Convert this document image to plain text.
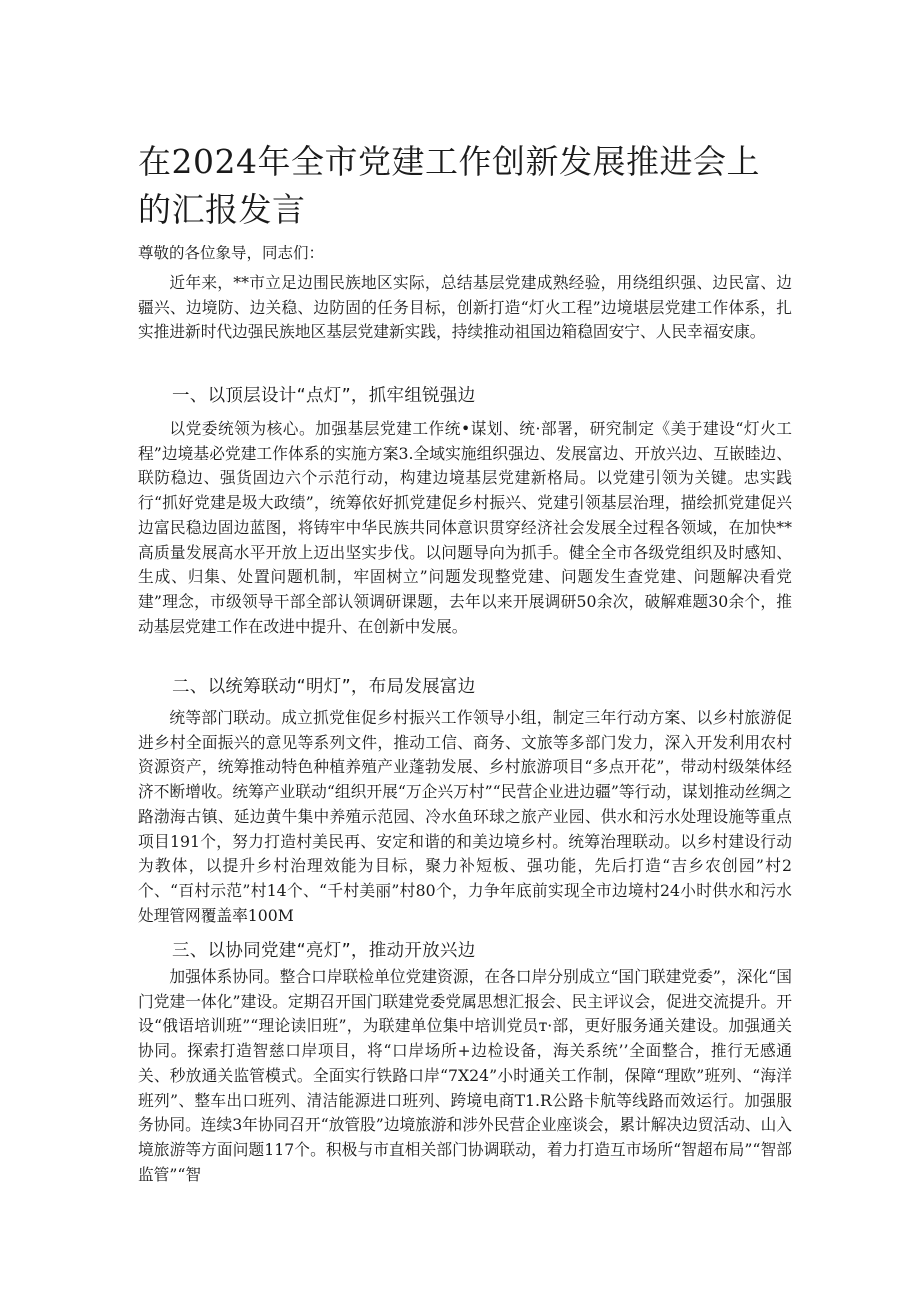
在2024年全市党建工作创新发展推进会上的汇报发言

尊敬的各位象导，同志们：

近年来，**市立足边围民族地区实际，总结基层党建成熟经验，用绕组织强、边民富、边疆兴、边境防、边关稳、边防固的任务目标，创新打造“灯火工程”边境堪层党建工作体系，扎实推进新时代边强民族地区基层党建新实践，持续推动祖国边箱稳固安宁、人民幸福安康。

一、以顶层设计“点灯”，抓牢组锐强边

以党委统领为核心。加强基层党建工作统•谋划、统·部署，研究制定《美于建设“灯火工程”边境基必党建工作体系的实施方案3.全域实施组织强边、发展富边、开放兴边、互嵌睦边、联防稳边、强货固边六个示范行动，构建边境基层党建新格局。以党建引领为关键。忠实践行“抓好党建是圾大政绩”，统筹依好抓党建促乡村振兴、党建引领基层治理，描绘抓党建促兴边富民稳边固边蓝图，将铸牢中华民族共同体意识贯穿经济社会发展全过程各领域，在加快**高质量发展高水平开放上迈出坚实步伐。以问题导向为抓手。健全全市各级党组织及时感知、生成、归集、处置问题机制，牢固树立”问题发现整党建、问题发生查党建、问题解决看党建”理念，市级领导干部全部认领调研课题，去年以来开展调研50余次，破解难题30余个，推动基层党建工作在改进中提升、在创新中发展。

二、以统筹联动“明灯”，布局发展富边

统等部门联动。成立抓党隹促乡村振兴工作领导小组，制定三年行动方案、以乡村旅游促进乡村全面振兴的意见等系列文件，推动工信、商务、文旅等多部门发力，深入开发利用农村资源资产，统筹推动特色种植养殖产业蓬勃发展、乡村旅游项目“多点开花”，带动村级桀体经济不断增收。统筹产业联动“组织开展“万企兴万村”“民营企业进边疆”等行动，谋划推动丝绸之路渤海古镇、延边黄牛集中养殖示范园、冷水鱼环球之旅产业园、供水和污水处理设施等重点项目191个，努力打造村美民再、安定和谐的和美边境乡村。统筹治理联动。以乡村建设行动为教体，以提升乡村治理效能为目标，聚力补短板、强功能，先后打造“吉乡农创园”村2个、“百村示范”村14个、“千村美丽”村80个，力争年底前实现全市边境村24小时供水和污水处理管网覆盖率100M

三、以协同党建“亮灯”，推动开放兴边

加强体系协同。整合口岸联检单位党建资源，在各口岸分别成立“国门联建党委”，深化“国门党建一体化”建设。定期召开国门联建党委党属思想汇报会、民主评议会，促进交流提升。开设“俄语培训班”“理论读旧班”，为联建单位集中培训党员т·部，更好服务通关建设。加强通关协同。探索打造智慈口岸项目，将“口岸场所+边检设备，海关系统’’全面整合，推行无感通关、秒放通关监管模式。全面实行铁路口岸“7X24”小时通关工作制，保障“理欧”班列、“海洋班列”、整车出口班列、清洁能源进口班列、跨境电商T1.R公路卡航等线路而效运行。加强服务协同。连续3年协同召开“放管股”边境旅游和涉外民营企业座谈会，累计解决边贸活动、山入境旅游等方面问题117个。积极与市直相关部门协调联动，着力打造互市场所“智超布局”“智部监管”“智
